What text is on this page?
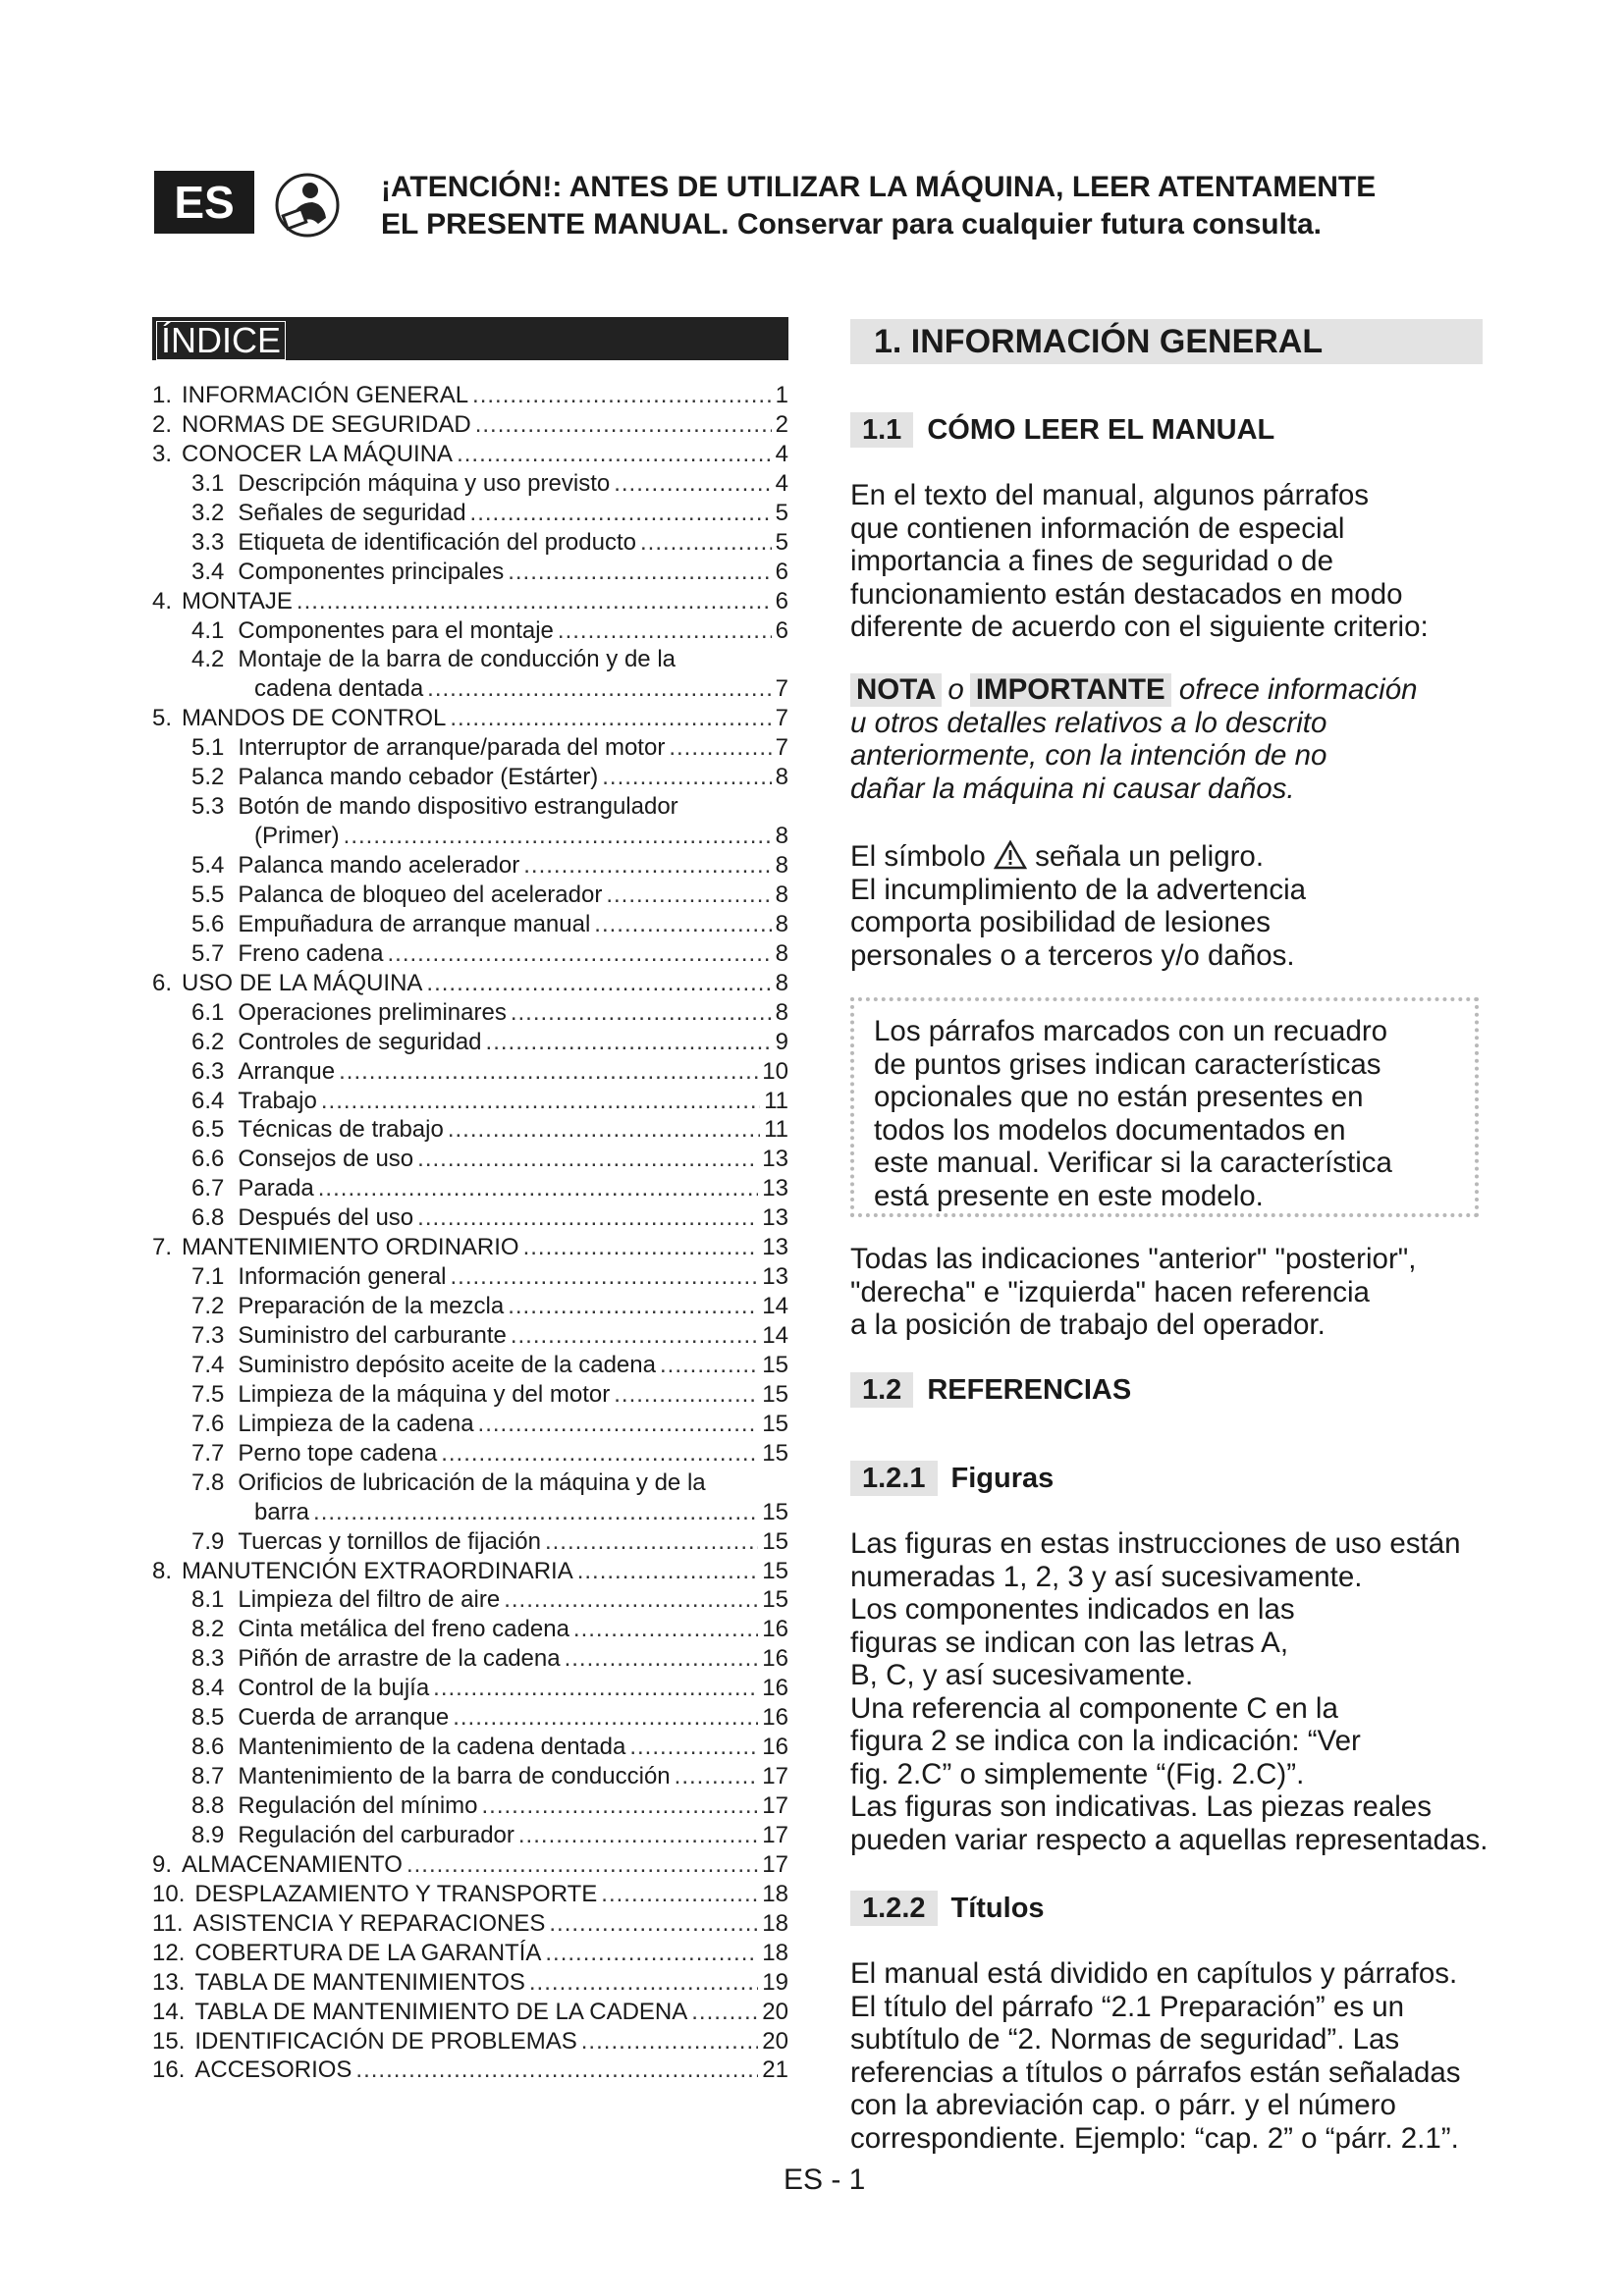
ES	¡ATENCIÓN!: ANTES DE UTILIZAR LA MÁQUINA, LEER ATENTAMENTE
EL PRESENTE MANUAL. Conservar para cualquier futura consulta.
ÍNDICE
1. INFORMACIÓN GENERAL .....	1
2. NORMAS DE SEGURIDAD .....	2
3. CONOCER LA MÁQUINA .....	4
3.1 Descripción máquina y uso previsto .....	4
3.2 Señales de seguridad .....	5
3.3 Etiqueta de identificación del producto .....	5
3.4 Componentes principales .....	6
4. MONTAJE .....	6
4.1 Componentes para el montaje .....	6
4.2 Montaje de la barra de conducción y de la
cadena dentada .....	7
5. MANDOS DE CONTROL .....	7
5.1 Interruptor de arranque/parada del motor .....	7
5.2 Palanca mando cebador (Estárter) .....	8
5.3 Botón de mando dispositivo estrangulador
(Primer) .....	8
5.4 Palanca mando acelerador .....	8
5.5 Palanca de bloqueo del acelerador .....	8
5.6 Empuñadura de arranque manual .....	8
5.7 Freno cadena .....	8
6. USO DE LA MÁQUINA .....	8
6.1 Operaciones preliminares .....	8
6.2 Controles de seguridad .....	9
6.3 Arranque .....	10
6.4 Trabajo .....	11
6.5 Técnicas de trabajo .....	11
6.6 Consejos de uso .....	13
6.7 Parada .....	13
6.8 Después del uso .....	13
7. MANTENIMIENTO ORDINARIO .....	13
7.1 Información general .....	13
7.2 Preparación de la mezcla .....	14
7.3 Suministro del carburante .....	14
7.4 Suministro depósito aceite de la cadena .....	15
7.5 Limpieza de la máquina y del motor .....	15
7.6 Limpieza de la cadena .....	15
7.7 Perno tope cadena .....	15
7.8 Orificios de lubricación de la máquina y de la
barra .....	15
7.9 Tuercas y tornillos de fijación .....	15
8. MANUTENCIÓN EXTRAORDINARIA .....	15
8.1 Limpieza del filtro de aire .....	15
8.2 Cinta metálica del freno cadena .....	16
8.3 Piñón de arrastre de la cadena .....	16
8.4 Control de la bujía .....	16
8.5 Cuerda de arranque .....	16
8.6 Mantenimiento de la cadena dentada .....	16
8.7 Mantenimiento de la barra de conducción .....	17
8.8 Regulación del mínimo .....	17
8.9 Regulación del carburador .....	17
9. ALMACENAMIENTO .....	17
10. DESPLAZAMIENTO Y TRANSPORTE .....	18
11. ASISTENCIA Y REPARACIONES .....	18
12. COBERTURA DE LA GARANTÍA .....	18
13. TABLA DE MANTENIMIENTOS .....	19
14. TABLA DE MANTENIMIENTO DE LA CADENA .....	20
15. IDENTIFICACIÓN DE PROBLEMAS .....	20
16. ACCESORIOS .....	21
1. INFORMACIÓN GENERAL
1.1 CÓMO LEER EL MANUAL
En el texto del manual, algunos párrafos
que contienen información de especial
importancia a fines de seguridad o de
funcionamiento están destacados en modo
diferente de acuerdo con el siguiente criterio:
NOTA o IMPORTANTE ofrece información
u otros detalles relativos a lo descrito
anteriormente, con la intención de no
dañar la máquina ni causar daños.
El símbolo señala un peligro.
El incumplimiento de la advertencia
comporta posibilidad de lesiones
personales o a terceros y/o daños.
Los párrafos marcados con un recuadro
de puntos grises indican características
opcionales que no están presentes en
todos los modelos documentados en
este manual. Verificar si la característica
está presente en este modelo.
Todas las indicaciones "anterior" "posterior",
"derecha" e "izquierda" hacen referencia
a la posición de trabajo del operador.
1.2 REFERENCIAS
1.2.1 Figuras
Las figuras en estas instrucciones de uso están
numeradas 1, 2, 3 y así sucesivamente.
Los componentes indicados en las
figuras se indican con las letras A,
B, C, y así sucesivamente.
Una referencia al componente C en la
figura 2 se indica con la indicación: “Ver
fig. 2.C” o simplemente “(Fig. 2.C)”.
Las figuras son indicativas. Las piezas reales
pueden variar respecto a aquellas representadas.
1.2.2 Títulos
El manual está dividido en capítulos y párrafos.
El título del párrafo “2.1 Preparación” es un
subtítulo de “2. Normas de seguridad”. Las
referencias a títulos o párrafos están señaladas
con la abreviación cap. o párr. y el número
correspondiente. Ejemplo: “cap. 2” o “párr. 2.1”.
ES - 1
